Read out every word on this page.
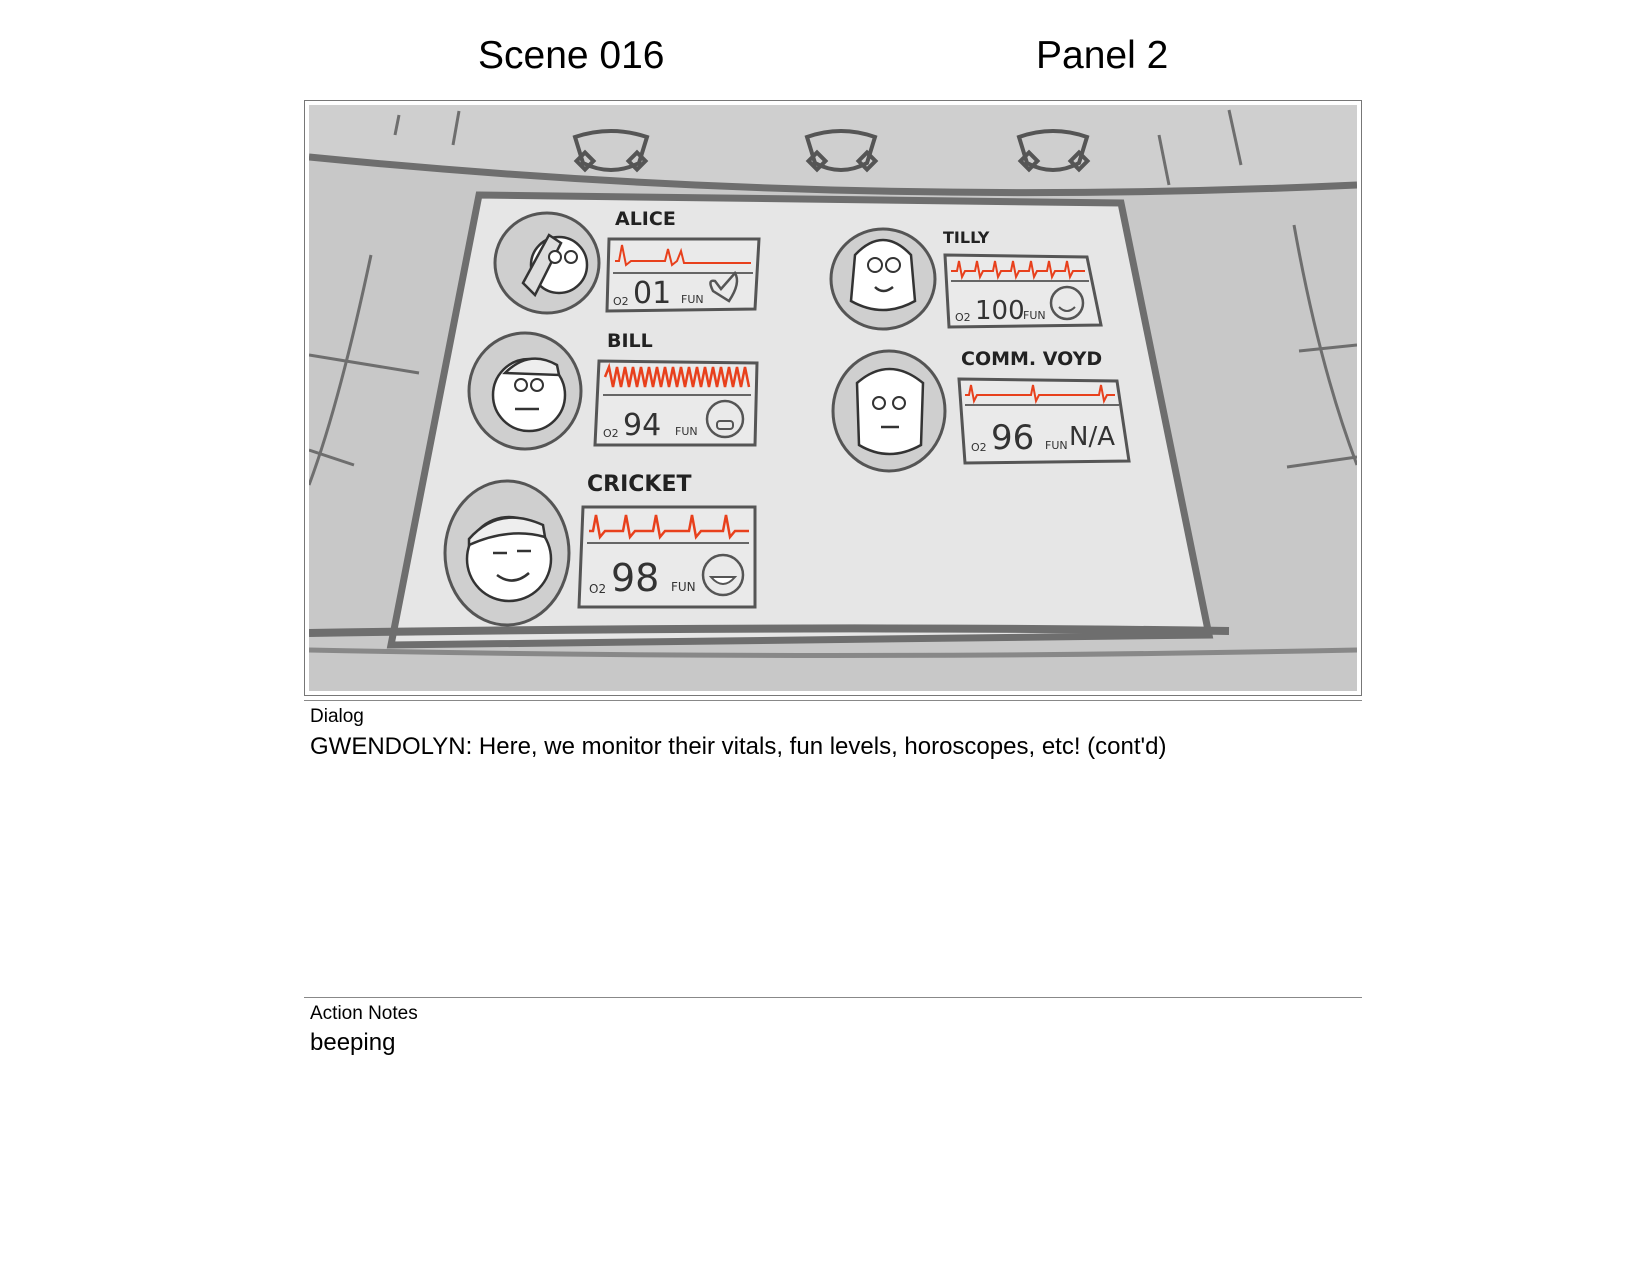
Scene 016	Panel 2
ALICE
O2 01 FUN
BILL
O2 94 FUN
CRICKET
O2 98 FUN
TILLY
O2 100
FUN
COMM. VOYD
O2 96 FUN N/A
Dialog
GWENDOLYN: Here, we monitor their vitals, fun levels, horoscopes, etc! (cont'd)
Action Notes
beeping
